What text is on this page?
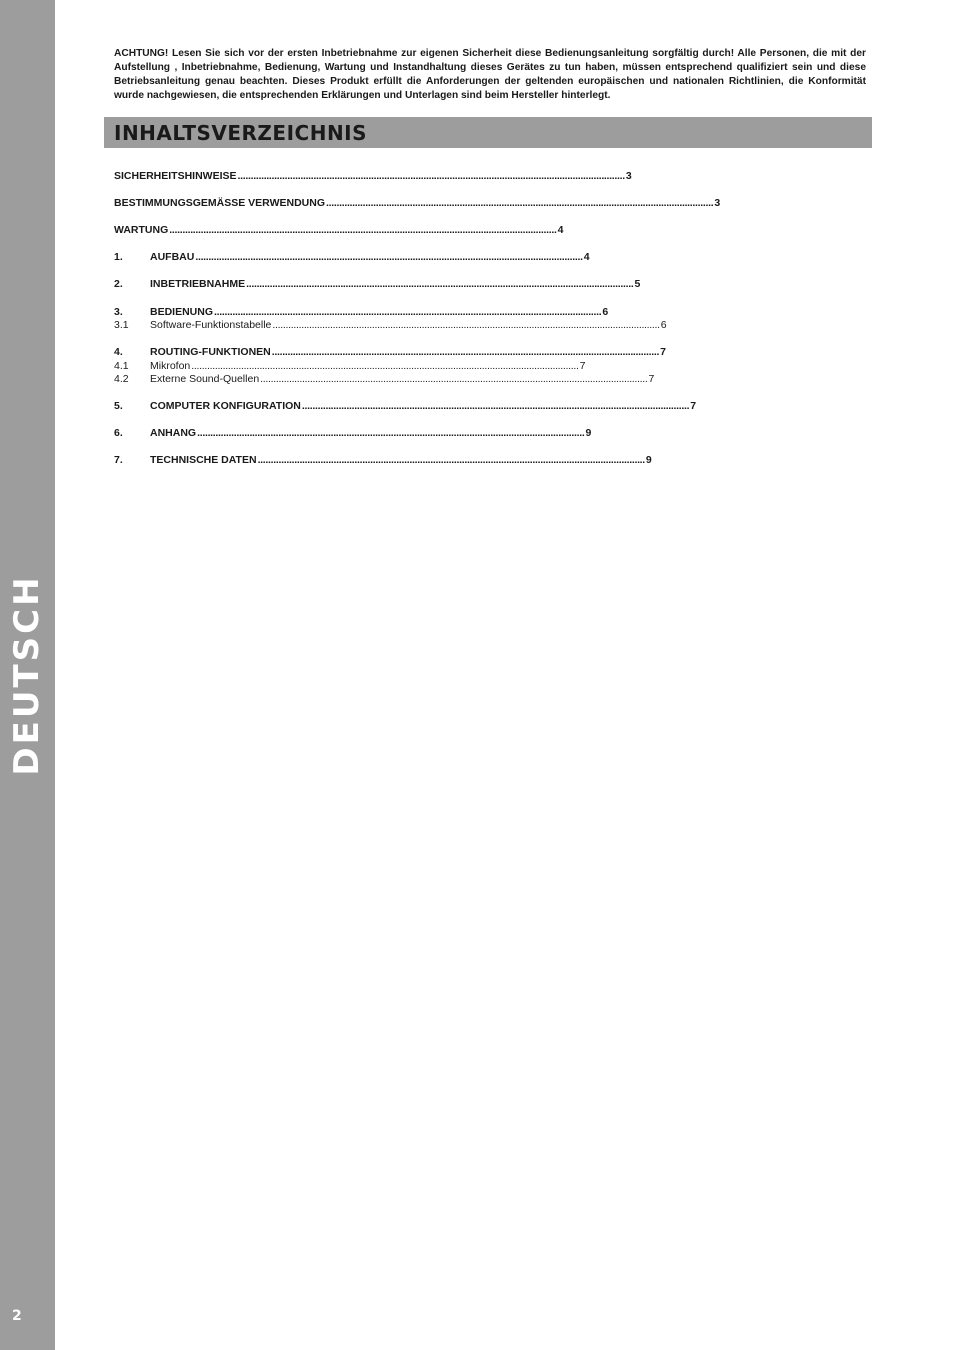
DEUTSCH
2

ACHTUNG! Lesen Sie sich vor der ersten Inbetriebnahme zur eigenen Sicherheit diese Bedienungsanleitung sorgfältig durch! Alle Personen, die mit der Aufstellung , Inbetriebnahme, Bedienung, Wartung und Instandhaltung dieses Gerätes zu tun haben, müssen entsprechend qualifiziert sein und diese Betriebsanleitung genau beachten. Dieses Produkt erfüllt die Anforderungen der geltenden europäischen und nationalen Richtlinien, die Konformität wurde nachgewiesen, die entsprechenden Erklärungen und Unterlagen sind beim Hersteller hinterlegt.

INHALTSVERZEICHNIS
SICHERHEITSHINWEISE .................................................................................................................................................... 3
BESTIMMUNGSGEMÄSSE VERWENDUNG .................................................................................................................................................... 3
WARTUNG .................................................................................................................................................... 4
1.	AUFBAU .................................................................................................................................................... 4
2.	INBETRIEBNAHME .................................................................................................................................................... 5
3.	BEDIENUNG .................................................................................................................................................... 6
3.1	Software-Funktionstabelle .................................................................................................................................................... 6
4.	ROUTING-FUNKTIONEN .................................................................................................................................................... 7
4.1	Mikrofon .................................................................................................................................................... 7
4.2	Externe Sound-Quellen .................................................................................................................................................... 7
5.	COMPUTER KONFIGURATION .................................................................................................................................................... 7
6.	ANHANG .................................................................................................................................................... 9
7.	TECHNISCHE DATEN .................................................................................................................................................... 9
